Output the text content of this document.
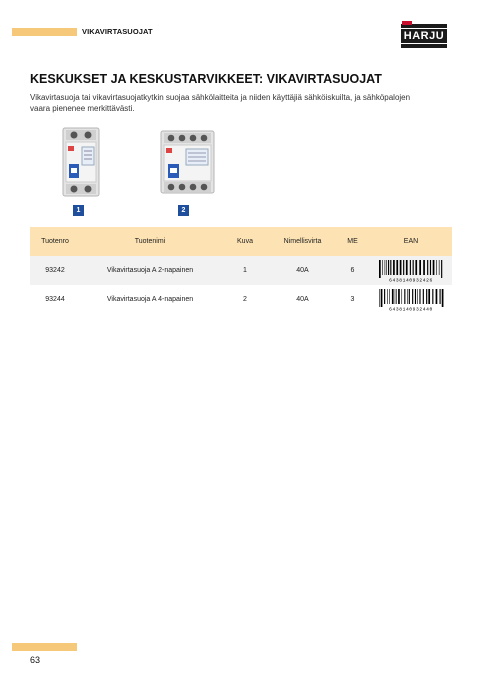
VIKAVIRTASUOJAT	HARJU
KESKUKSET JA KESKUSTARVIKKEET: VIKAVIRTASUOJAT

Vikavirtasuoja tai vikavirtasuojatkytkin suojaa sähkölaitteita ja niiden käyttäjiä sähköiskuilta, ja sähköpalojen vaara pienenee merkittävästi.

1	2
Tuotenro	Tuotenimi	Kuva	Nimellisvirta	ME	EAN
93242	Vikavirtasuoja A 2-napainen	1	40A	6	6438140932426

93244	Vikavirtasuoja A 4-napainen	2	40A	3	6438140932440
63
